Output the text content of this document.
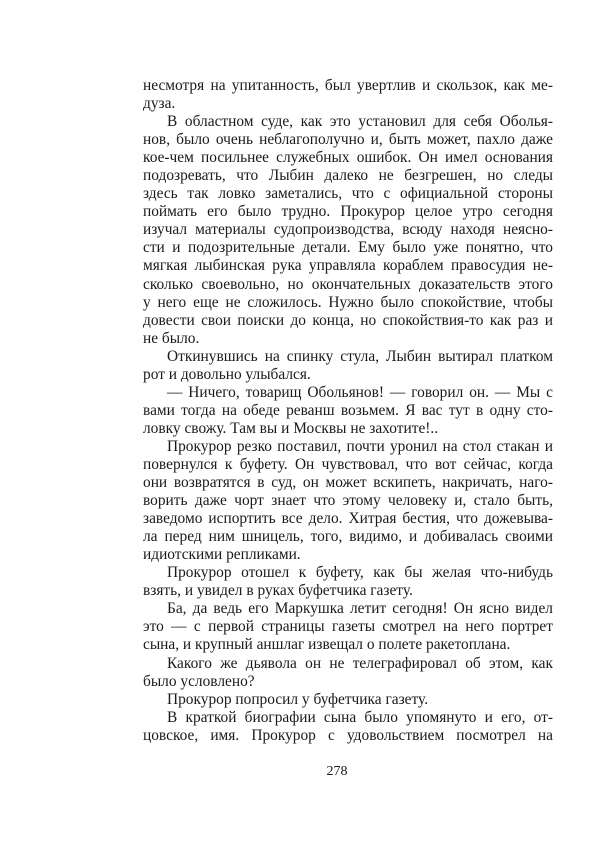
несмотря на упитанность, был увертлив и скользок, как ме-
дуза.
В областном суде, как это установил для себя Оболья-
нов, было очень неблагополучно и, быть может, пахло даже
кое-чем посильнее служебных ошибок. Он имел основания
подозревать, что Лыбин далеко не безгрешен, но следы
здесь так ловко заметались, что с официальной стороны
поймать его было трудно. Прокурор целое утро сегодня
изучал материалы судопроизводства, всюду находя неясно-
сти и подозрительные детали. Ему было уже понятно, что
мягкая лыбинская рука управляла кораблем правосудия не-
сколько своевольно, но окончательных доказательств этого
у него еще не сложилось. Нужно было спокойствие, чтобы
довести свои поиски до конца, но спокойствия-то как раз и
не было.
Откинувшись на спинку стула, Лыбин вытирал платком
рот и довольно улыбался.
— Ничего, товарищ Обольянов! — говорил он. — Мы с
вами тогда на обеде реванш возьмем. Я вас тут в одну сто-
ловку свожу. Там вы и Москвы не захотите!..
Прокурор резко поставил, почти уронил на стол стакан и
повернулся к буфету. Он чувствовал, что вот сейчас, когда
они возвратятся в суд, он может вскипеть, накричать, наго-
ворить даже чорт знает что этому человеку и, стало быть,
заведомо испортить все дело. Хитрая бестия, что дожевыва-
ла перед ним шницель, того, видимо, и добивалась своими
идиотскими репликами.
Прокурор отошел к буфету, как бы желая что-нибудь
взять, и увидел в руках буфетчика газету.
Ба, да ведь его Маркушка летит сегодня! Он ясно видел
это — с первой страницы газеты смотрел на него портрет
сына, и крупный аншлаг извещал о полете ракетоплана.
Какого же дьявола он не телеграфировал об этом, как
было условлено?
Прокурор попросил у буфетчика газету.
В краткой биографии сына было упомянуто и его, от-
цовское, имя. Прокурор с удовольствием посмотрел на
278
